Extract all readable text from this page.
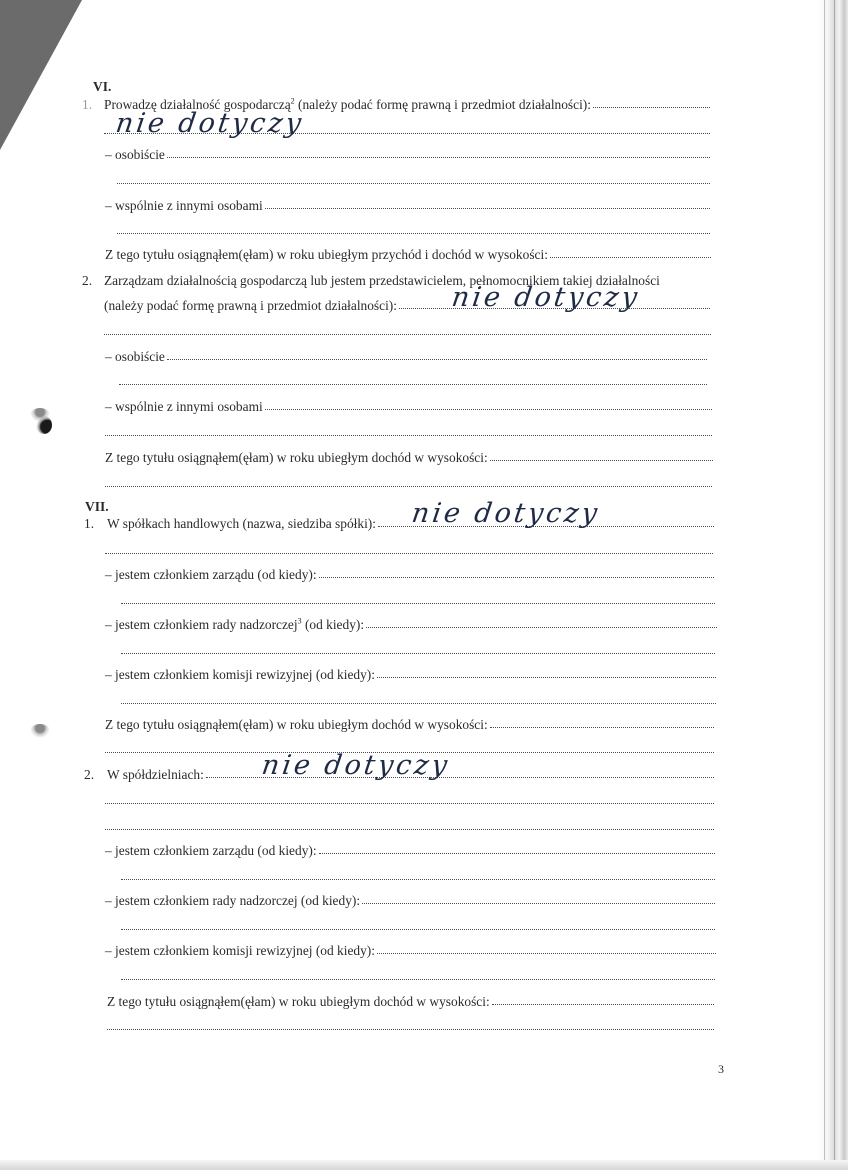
VI.
1. Prowadzę działalność gospodarczą$^2$ (należy podać formę prawną i przedmiot działalności):
nie dotyczy
– osobiście
– wspólnie z innymi osobami
Z tego tytułu osiągnąłem(ęłam) w roku ubiegłym przychód i dochód w wysokości:
2. Zarządzam działalnością gospodarczą lub jestem przedstawicielem, pełnomocnikiem takiej działalności
(należy podać formę prawną i przedmiot działalności): nie dotyczy
– osobiście
– wspólnie z innymi osobami
Z tego tytułu osiągnąłem(ęłam) w roku ubiegłym dochód w wysokości:
VII.
1. W spółkach handlowych (nazwa, siedziba spółki): nie dotyczy
– jestem członkiem zarządu (od kiedy):
– jestem członkiem rady nadzorczej$^3$ (od kiedy):
– jestem członkiem komisji rewizyjnej (od kiedy):
Z tego tytułu osiągnąłem(ęłam) w roku ubiegłym dochód w wysokości:
2. W spółdzielniach: nie dotyczy
– jestem członkiem zarządu (od kiedy):
– jestem członkiem rady nadzorczej (od kiedy):
– jestem członkiem komisji rewizyjnej (od kiedy):
Z tego tytułu osiągnąłem(ęłam) w roku ubiegłym dochód w wysokości:
3
